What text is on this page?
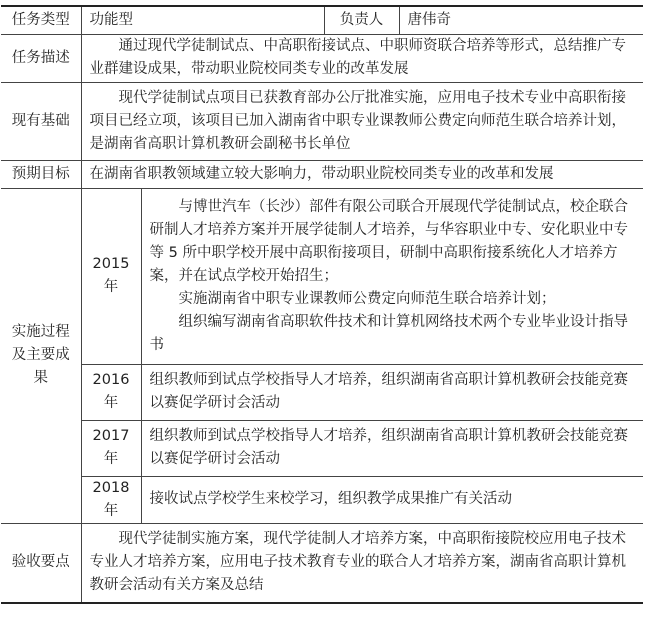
任务类型	功能型		负责人	唐伟奇
任务描述	通过现代学徒制试点、中高职衔接试点、中职师资联合培养等形式，总结推广专业群建设成果，带动职业院校同类专业的改革发展			
现有基础	现代学徒制试点项目已获教育部办公厅批准实施，应用电子技术专业中高职衔接项目已经立项，该项目已加入湖南省中职专业课教师公费定向师范生联合培养计划，是湖南省高职计算机教研会副秘书长单位			
预期目标	在湖南省职教领域建立较大影响力，带动职业院校同类专业的改革和发展			
实施过程及主要成果	2015 年	与博世汽车（长沙）部件有限公司联合开展现代学徒制试点，校企联合研制人才培养方案并开展学徒制人才培养，与华容职业中专、安化职业中专等 5 所中职学校开展中高职衔接项目，研制中高职衔接系统化人才培养方案，并在试点学校开始招生；
实施湖南省中职专业课教师公费定向师范生联合培养计划；
组织编写湖南省高职软件技术和计算机网络技术两个专业毕业设计指导书		

	2016 年	组织教师到试点学校指导人才培养，组织湖南省高职计算机教研会技能竞赛以赛促学研讨会活动		
	2017 年	组织教师到试点学校指导人才培养，组织湖南省高职计算机教研会技能竞赛以赛促学研讨会活动		
	2018 年	接收试点学校学生来校学习，组织教学成果推广有关活动		
验收要点	现代学徒制实施方案，现代学徒制人才培养方案，中高职衔接院校应用电子技术专业人才培养方案，应用电子技术教育专业的联合人才培养方案，湖南省高职计算机教研会活动有关方案及总结			
